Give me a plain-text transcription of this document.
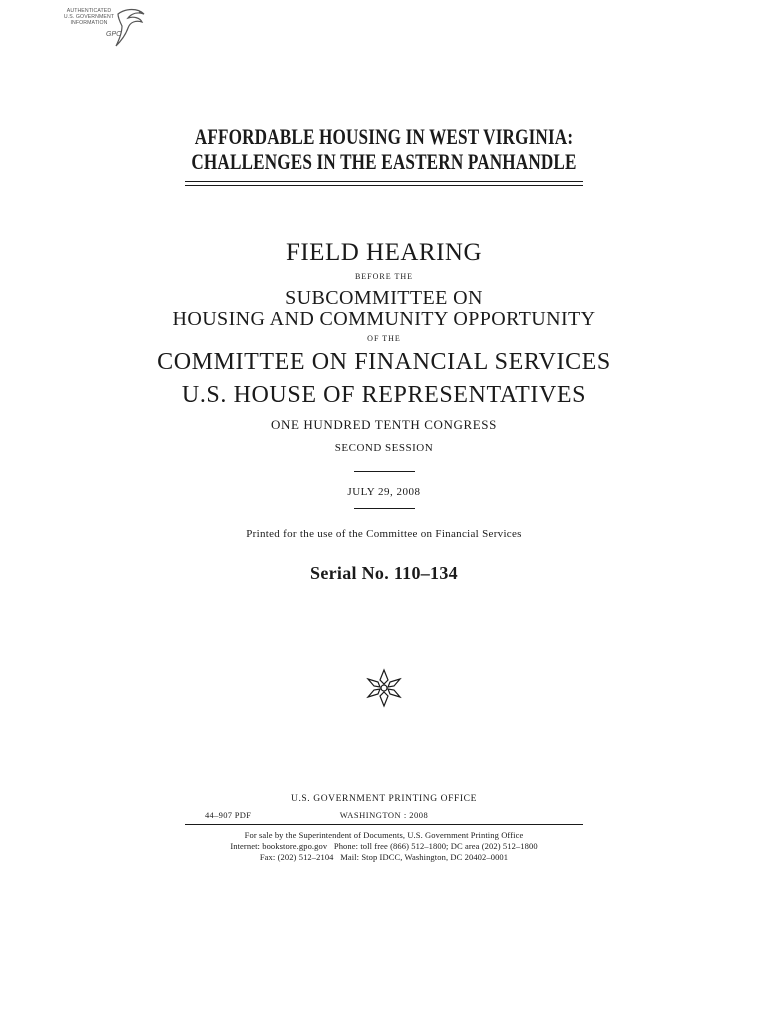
AUTHENTICATED
U.S. GOVERNMENT
INFORMATION
GPO
AFFORDABLE HOUSING IN WEST VIRGINIA:
CHALLENGES IN THE EASTERN PANHANDLE
FIELD HEARING
BEFORE THE
SUBCOMMITTEE ON
HOUSING AND COMMUNITY OPPORTUNITY
OF THE
COMMITTEE ON FINANCIAL SERVICES
U.S. HOUSE OF REPRESENTATIVES
ONE HUNDRED TENTH CONGRESS
SECOND SESSION
JULY 29, 2008
Printed for the use of the Committee on Financial Services
Serial No. 110–134
U.S. GOVERNMENT PRINTING OFFICE
44–907 PDF	WASHINGTON : 2008
For sale by the Superintendent of Documents, U.S. Government Printing Office
Internet: bookstore.gpo.gov   Phone: toll free (866) 512–1800; DC area (202) 512–1800
Fax: (202) 512–2104   Mail: Stop IDCC, Washington, DC 20402–0001
